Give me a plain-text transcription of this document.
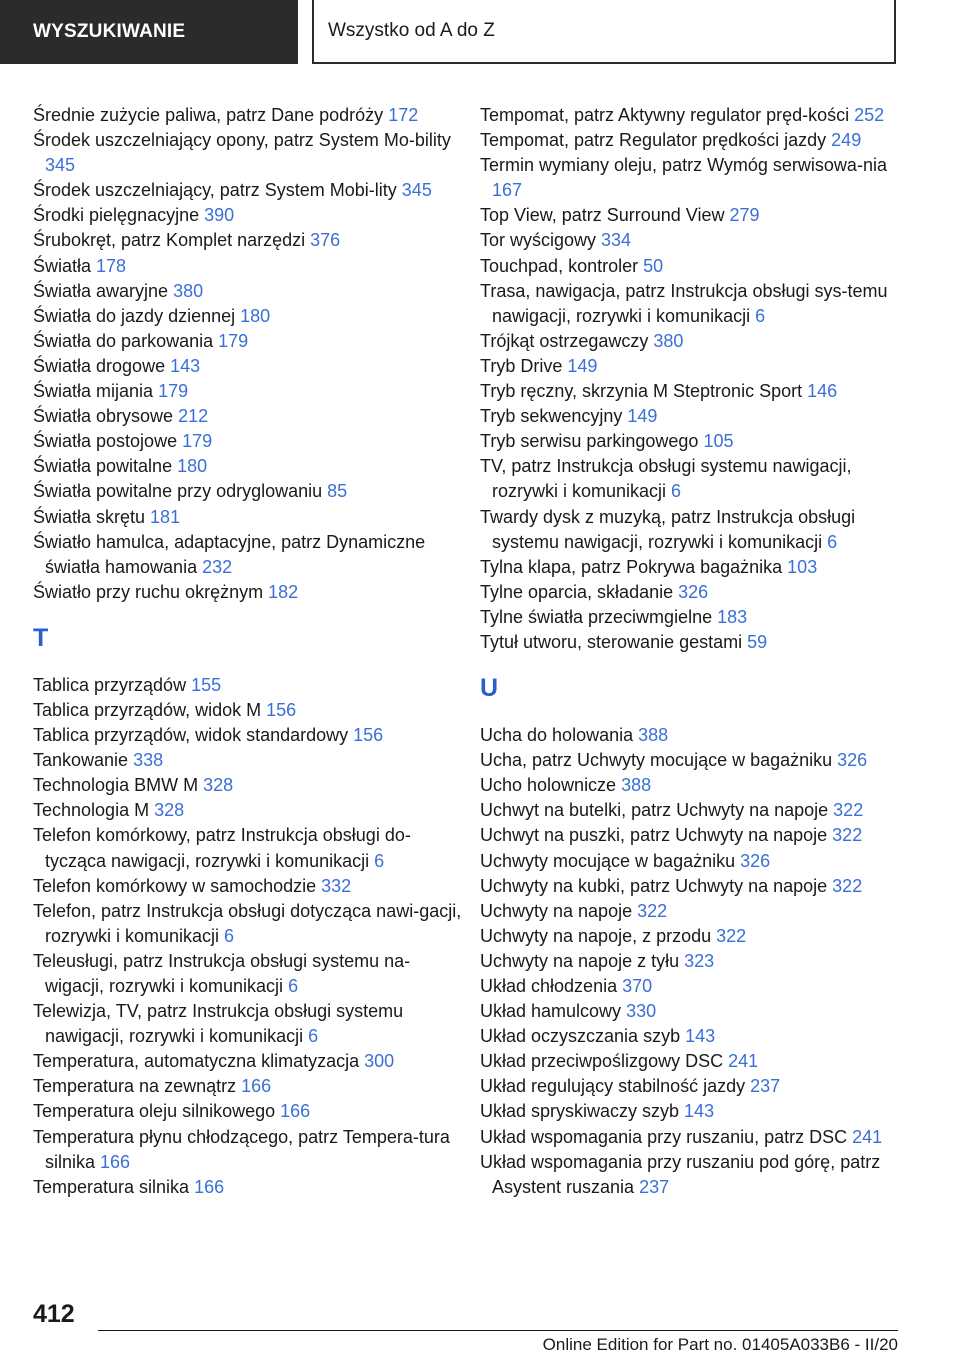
WYSZUKIWANIE	Wszystko od A do Z
Średnie zużycie paliwa, patrz Dane podróży 172
Środek uszczelniający opony, patrz System Mo-bility 345
Środek uszczelniający, patrz System Mobi-lity 345
Środki pielęgnacyjne 390
Śrubokręt, patrz Komplet narzędzi 376
Światła 178
Światła awaryjne 380
Światła do jazdy dziennej 180
Światła do parkowania 179
Światła drogowe 143
Światła mijania 179
Światła obrysowe 212
Światła postojowe 179
Światła powitalne 180
Światła powitalne przy odryglowaniu 85
Światła skrętu 181
Światło hamulca, adaptacyjne, patrz Dynamiczne światła hamowania 232
Światło przy ruchu okrężnym 182
T
Tablica przyrządów 155
Tablica przyrządów, widok M 156
Tablica przyrządów, widok standardowy 156
Tankowanie 338
Technologia BMW M 328
Technologia M 328
Telefon komórkowy, patrz Instrukcja obsługi do-tycząca nawigacji, rozrywki i komunikacji 6
Telefon komórkowy w samochodzie 332
Telefon, patrz Instrukcja obsługi dotycząca nawi-gacji, rozrywki i komunikacji 6
Teleusługi, patrz Instrukcja obsługi systemu na-wigacji, rozrywki i komunikacji 6
Telewizja, TV, patrz Instrukcja obsługi systemu nawigacji, rozrywki i komunikacji 6
Temperatura, automatyczna klimatyzacja 300
Temperatura na zewnątrz 166
Temperatura oleju silnikowego 166
Temperatura płynu chłodzącego, patrz Tempera-tura silnika 166
Temperatura silnika 166
Tempomat, patrz Aktywny regulator pręd-kości 252
Tempomat, patrz Regulator prędkości jazdy 249
Termin wymiany oleju, patrz Wymóg serwisowa-nia 167
Top View, patrz Surround View 279
Tor wyścigowy 334
Touchpad, kontroler 50
Trasa, nawigacja, patrz Instrukcja obsługi sys-temu nawigacji, rozrywki i komunikacji 6
Trójkąt ostrzegawczy 380
Tryb Drive 149
Tryb ręczny, skrzynia M Steptronic Sport 146
Tryb sekwencyjny 149
Tryb serwisu parkingowego 105
TV, patrz Instrukcja obsługi systemu nawigacji, rozrywki i komunikacji 6
Twardy dysk z muzyką, patrz Instrukcja obsługi systemu nawigacji, rozrywki i komunikacji 6
Tylna klapa, patrz Pokrywa bagażnika 103
Tylne oparcia, składanie 326
Tylne światła przeciwmgielne 183
Tytuł utworu, sterowanie gestami 59
U
Ucha do holowania 388
Ucha, patrz Uchwyty mocujące w bagażniku 326
Ucho holownicze 388
Uchwyt na butelki, patrz Uchwyty na napoje 322
Uchwyt na puszki, patrz Uchwyty na napoje 322
Uchwyty mocujące w bagażniku 326
Uchwyty na kubki, patrz Uchwyty na napoje 322
Uchwyty na napoje 322
Uchwyty na napoje, z przodu 322
Uchwyty na napoje z tyłu 323
Układ chłodzenia 370
Układ hamulcowy 330
Układ oczyszczania szyb 143
Układ przeciwpoślizgowy DSC 241
Układ regulujący stabilność jazdy 237
Układ spryskiwaczy szyb 143
Układ wspomagania przy ruszaniu, patrz DSC 241
Układ wspomagania przy ruszaniu pod górę, patrz Asystent ruszania 237
412
Online Edition for Part no. 01405A033B6 - II/20
